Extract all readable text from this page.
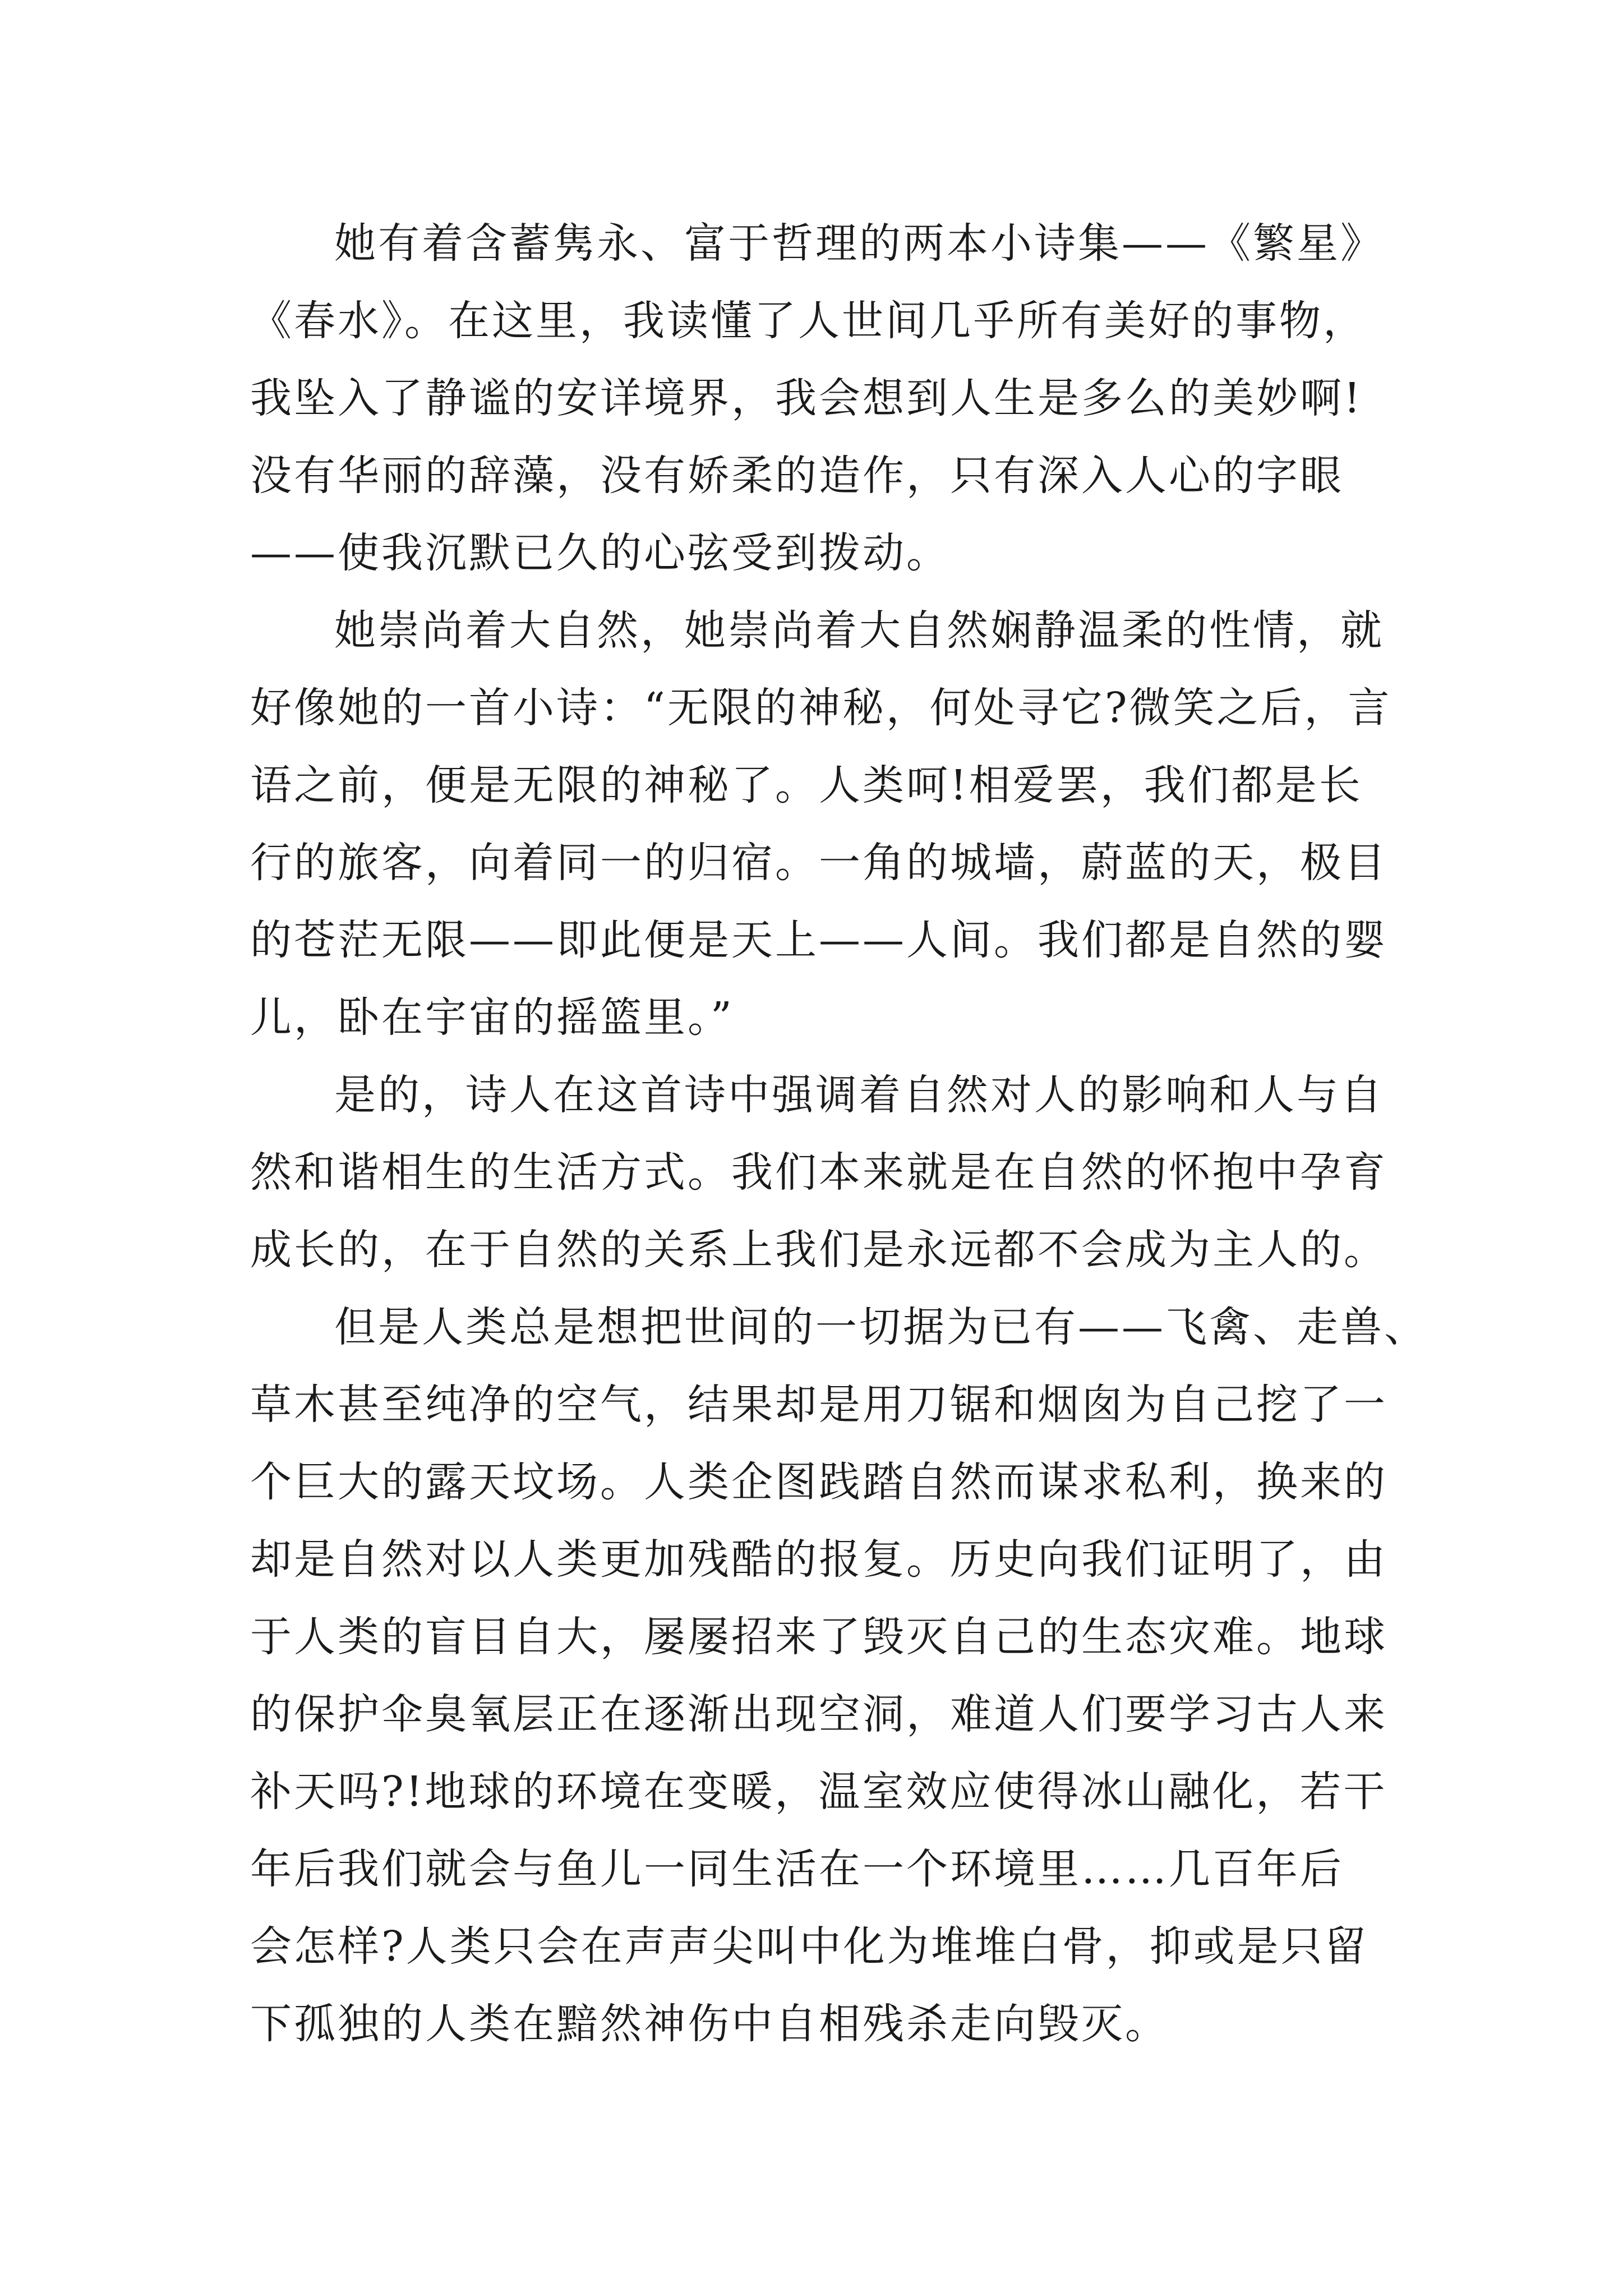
她有着含蓄隽永、富于哲理的两本小诗集——《繁星》
《春水》。在这里，我读懂了人世间几乎所有美好的事物，
我坠入了静谧的安详境界，我会想到人生是多么的美妙啊!
没有华丽的辞藻，没有娇柔的造作，只有深入人心的字眼
——使我沉默已久的心弦受到拨动。
她崇尚着大自然，她崇尚着大自然娴静温柔的性情，就
好像她的一首小诗：“无限的神秘，何处寻它?微笑之后，言
语之前，便是无限的神秘了。人类呵!相爱罢，我们都是长
行的旅客，向着同一的归宿。一角的城墙，蔚蓝的天，极目
的苍茫无限——即此便是天上——人间。我们都是自然的婴
儿，卧在宇宙的摇篮里。”
是的，诗人在这首诗中强调着自然对人的影响和人与自
然和谐相生的生活方式。我们本来就是在自然的怀抱中孕育
成长的，在于自然的关系上我们是永远都不会成为主人的。
但是人类总是想把世间的一切据为已有——飞禽、走兽、
草木甚至纯净的空气，结果却是用刀锯和烟囱为自己挖了一
个巨大的露天坟场。人类企图践踏自然而谋求私利，换来的
却是自然对以人类更加残酷的报复。历史向我们证明了，由
于人类的盲目自大，屡屡招来了毁灭自己的生态灾难。地球
的保护伞臭氧层正在逐渐出现空洞，难道人们要学习古人来
补天吗?!地球的环境在变暖，温室效应使得冰山融化，若干
年后我们就会与鱼儿一同生活在一个环境里……几百年后
会怎样?人类只会在声声尖叫中化为堆堆白骨，抑或是只留
下孤独的人类在黯然神伤中自相残杀走向毁灭。
